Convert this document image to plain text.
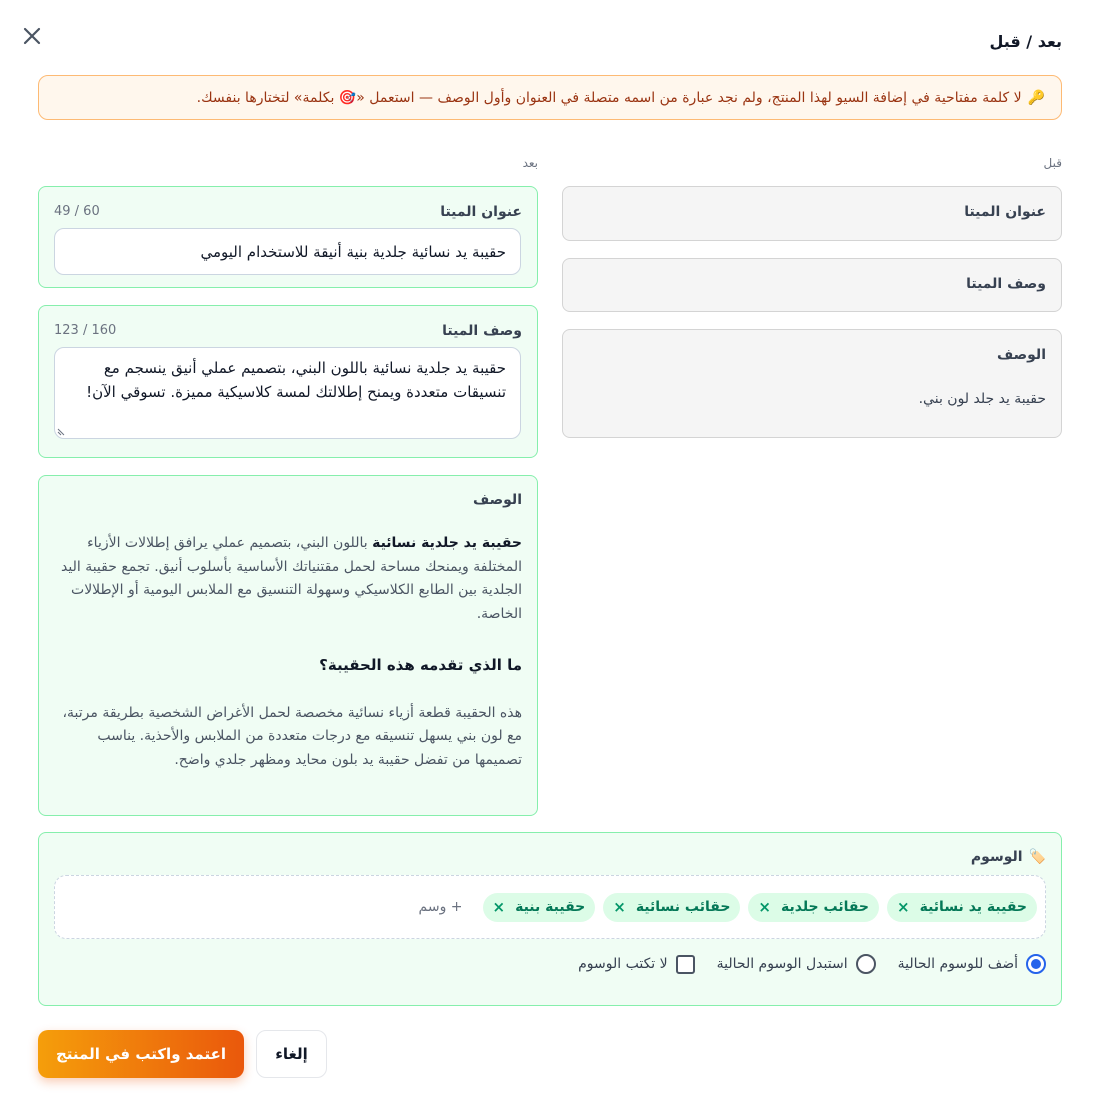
بعد / قبل
🔑
لا كلمة مفتاحية في إضافة السيو لهذا المنتج، ولم نجد عبارة من اسمه متصلة في العنوان وأول الوصف — استعمل «🎯 بكلمة» لتختارها بنفسك.
قبل
بعد
عنوان الميتا
وصف الميتا
الوصف
حقيبة يد جلد لون بني.
عنوان الميتا
49 / 60
حقيبة يد نسائية جلدية بنية أنيقة للاستخدام اليومي
وصف الميتا
123 / 160
حقيبة يد جلدية نسائية باللون البني، بتصميم عملي أنيق ينسجم مع تنسيقات متعددة ويمنح إطلالتك لمسة كلاسيكية مميزة. تسوقي الآن!
الوصف

حقيبة يد جلدية نسائية باللون البني، بتصميم عملي يرافق إطلالات الأزياء المختلفة ويمنحك مساحة لحمل مقتنياتك الأساسية بأسلوب أنيق. تجمع حقيبة اليد الجلدية بين الطابع الكلاسيكي وسهولة التنسيق مع الملابس اليومية أو الإطلالات الخاصة.

ما الذي تقدمه هذه الحقيبة؟

هذه الحقيبة قطعة أزياء نسائية مخصصة لحمل الأغراض الشخصية بطريقة مرتبة، مع لون بني يسهل تنسيقه مع درجات متعددة من الملابس والأحذية. يناسب تصميمها من تفضل حقيبة يد بلون محايد ومظهر جلدي واضح.

🏷️
الوسوم
حقيبة يد نسائية
×
حقائب جلدية
×
حقائب نسائية
×
حقيبة بنية
×
+ وسم
أضف للوسوم الحالية
استبدل الوسوم الحالية
لا تكتب الوسوم
إلغاء
اعتمد واكتب في المنتج
